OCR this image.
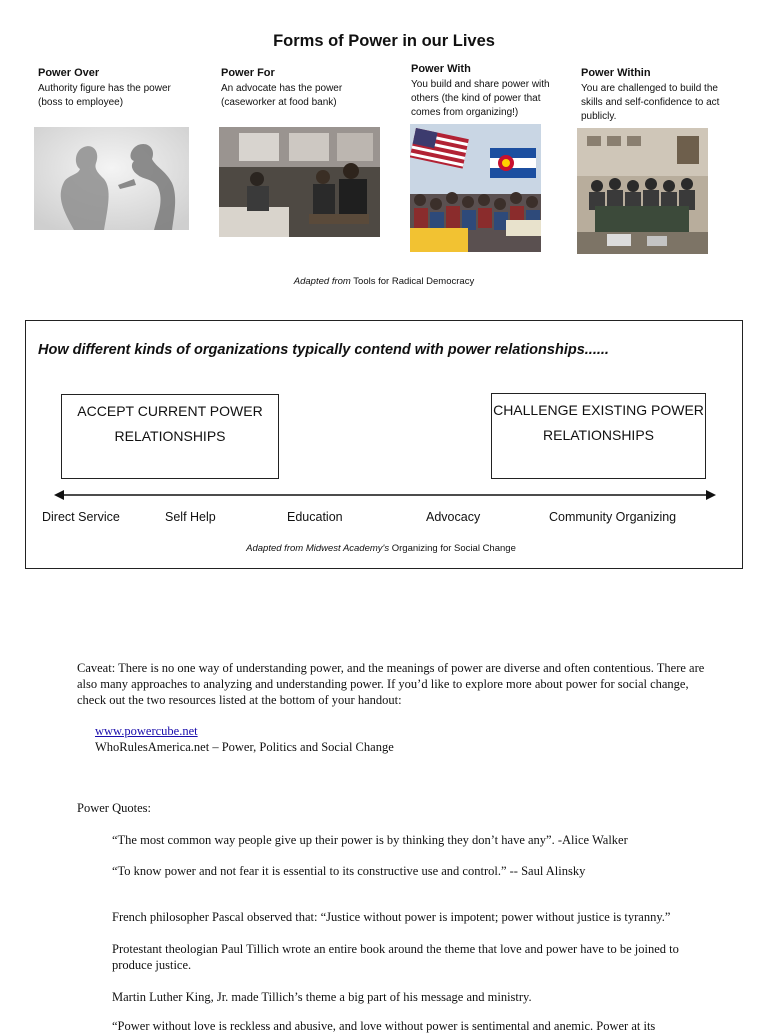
Forms of Power in our Lives
Power Over
Authority figure has the power (boss to employee)
Power For
An advocate has the power (caseworker at food bank)
Power With
You build and share power with others (the kind of power that comes from organizing!)
Power Within
You are challenged to build the skills and self-confidence to act publicly.
Adapted from Tools for Radical Democracy
How different kinds of organizations typically contend with power relationships......
ACCEPT CURRENT POWER RELATIONSHIPS
CHALLENGE EXISTING POWER RELATIONSHIPS
Direct Service	Self Help	Education	Advocacy	Community Organizing
Adapted from Midwest Academy's Organizing for Social Change
Caveat: There is no one way of understanding power, and the meanings of power are diverse and often contentious. There are also many approaches to analyzing and understanding power. If you’d like to explore more about power for social change, check out the two resources listed at the bottom of your handout:
www.powercube.net
WhoRulesAmerica.net – Power, Politics and Social Change
Power Quotes:
“The most common way people give up their power is by thinking they don’t have any”. -Alice Walker
“To know power and not fear it is essential to its constructive use and control.” -- Saul Alinsky
French philosopher Pascal observed that: “Justice without power is impotent; power without justice is tyranny.”
Protestant theologian Paul Tillich wrote an entire book around the theme that love and power have to be joined to produce justice.
Martin Luther King, Jr. made Tillich’s theme a big part of his message and ministry.
“Power without love is reckless and abusive, and love without power is sentimental and anemic. Power at its
